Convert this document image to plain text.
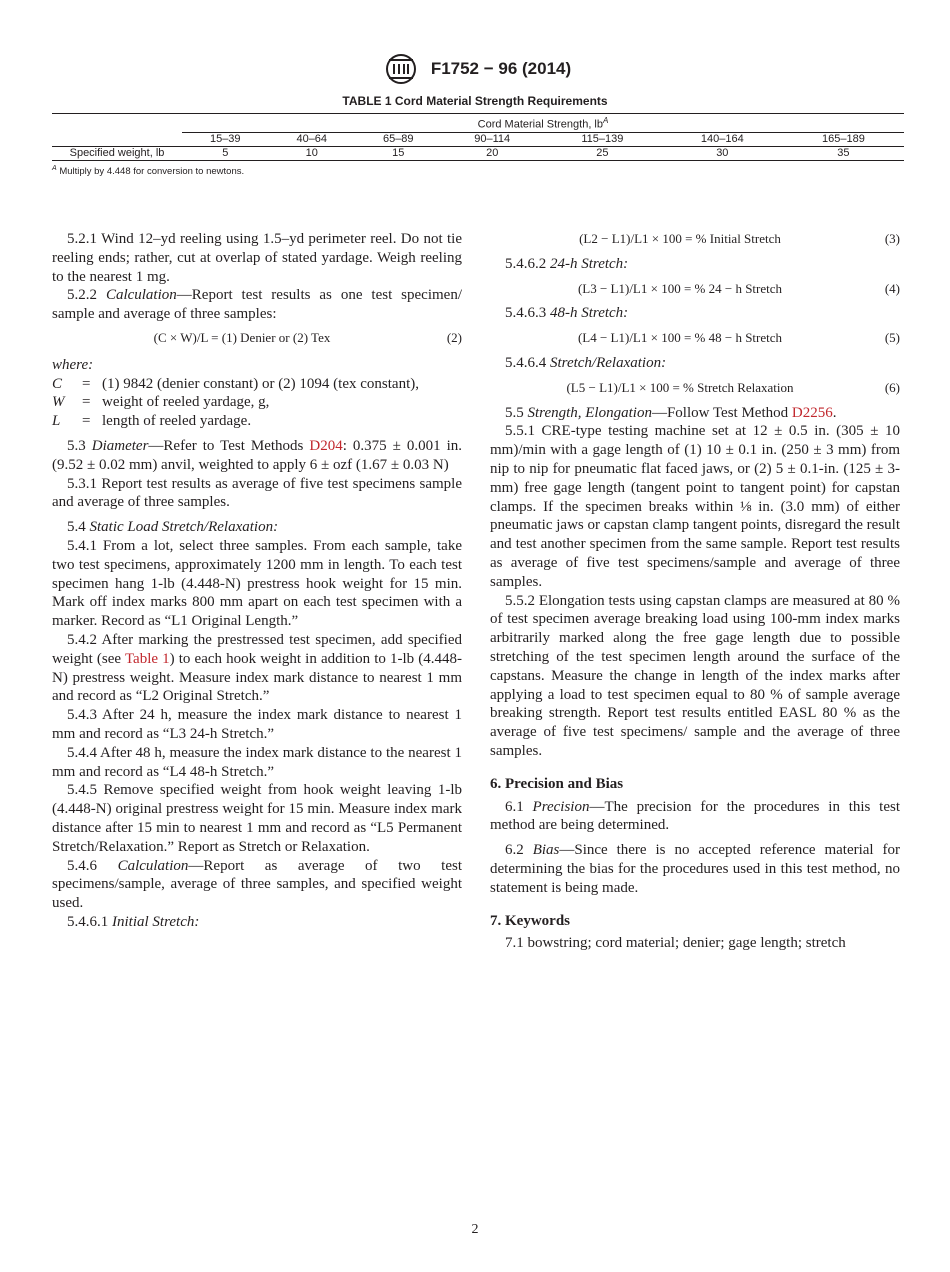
F1752 − 96 (2014)
TABLE 1 Cord Material Strength Requirements
	Cord Material Strength, $lb^A$
	15–39	40–64	65–89	90–114	115–139	140–164	165–189
Specified weight, lb	5	10	15	20	25	30	35
$^A$ Multiply by 4.448 for conversion to newtons.

5.2.1 Wind 12–yd reeling using 1.5–yd perimeter reel. Do not tie reeling ends; rather, cut at overlap of stated yardage. Weigh reeling to the nearest 1 mg.

5.2.2 Calculation—Report test results as one test specimen/ sample and average of three samples:

(C × W)/L = (1) Denier or (2) Tex	(2)

where:

C	= (1) 9842 (denier constant) or (2) 1094 (tex constant),
W	= weight of reeled yardage, g,
L	= length of reeled yardage.

5.3 Diameter—Refer to Test Methods D204: 0.375 ± 0.001 in. (9.52 ± 0.02 mm) anvil, weighted to apply 6 ± ozf (1.67 ± 0.03 N)

5.3.1 Report test results as average of five test specimens sample and average of three samples.

5.4 Static Load Stretch/Relaxation:

5.4.1 From a lot, select three samples. From each sample, take two test specimens, approximately 1200 mm in length. To each test specimen hang 1-lb (4.448-N) prestress hook weight for 15 min. Mark off index marks 800 mm apart on each test specimen with a marker. Record as “L1 Original Length.”

5.4.2 After marking the prestressed test specimen, add specified weight (see Table 1) to each hook weight in addition to 1-lb (4.448-N) prestress weight. Measure index mark distance to nearest 1 mm and record as “L2 Original Stretch.”

5.4.3 After 24 h, measure the index mark distance to nearest 1 mm and record as “L3 24-h Stretch.”

5.4.4 After 48 h, measure the index mark distance to the nearest 1 mm and record as “L4 48-h Stretch.”

5.4.5 Remove specified weight from hook weight leaving 1-lb (4.448-N) original prestress weight for 15 min. Measure index mark distance after 15 min to nearest 1 mm and record as “L5 Permanent Stretch/Relaxation.” Report as Stretch or Relaxation.

5.4.6 Calculation—Report as average of two test specimens/sample, average of three samples, and specified weight used.

5.4.6.1 Initial Stretch:

(L2 − L1)/L1 × 100 = % Initial Stretch	(3)

5.4.6.2 24-h Stretch:

(L3 − L1)/L1 × 100 = % 24 − h Stretch	(4)

5.4.6.3 48-h Stretch:

(L4 − L1)/L1 × 100 = % 48 − h Stretch	(5)

5.4.6.4 Stretch/Relaxation:

(L5 − L1)/L1 × 100 = % Stretch Relaxation	(6)

5.5 Strength, Elongation—Follow Test Method D2256.

5.5.1 CRE-type testing machine set at 12 ± 0.5 in. (305 ± 10 mm)/min with a gage length of (1) 10 ± 0.1 in. (250 ± 3 mm) from nip to nip for pneumatic flat faced jaws, or (2) 5 ± 0.1-in. (125 ± 3-mm) free gage length (tangent point to tangent point) for capstan clamps. If the specimen breaks within ⅛ in. (3.0 mm) of either pneumatic jaws or capstan clamp tangent points, disregard the result and test another specimen from the same sample. Report test results as average of five test specimens/sample and average of three samples.

5.5.2 Elongation tests using capstan clamps are measured at 80 % of test specimen average breaking load using 100-mm index marks arbitrarily marked along the free gage length due to possible stretching of the test specimen length around the surface of the capstans. Measure the change in length of the index marks after applying a load to test specimen equal to 80 % of sample average breaking strength. Report test results entitled EASL 80 % as the average of five test specimens/ sample and the average of three samples.

6. Precision and Bias

6.1 Precision—The precision for the procedures in this test method are being determined.

6.2 Bias—Since there is no accepted reference material for determining the bias for the procedures used in this test method, no statement is being made.

7. Keywords

7.1 bowstring; cord material; denier; gage length; stretch

2
